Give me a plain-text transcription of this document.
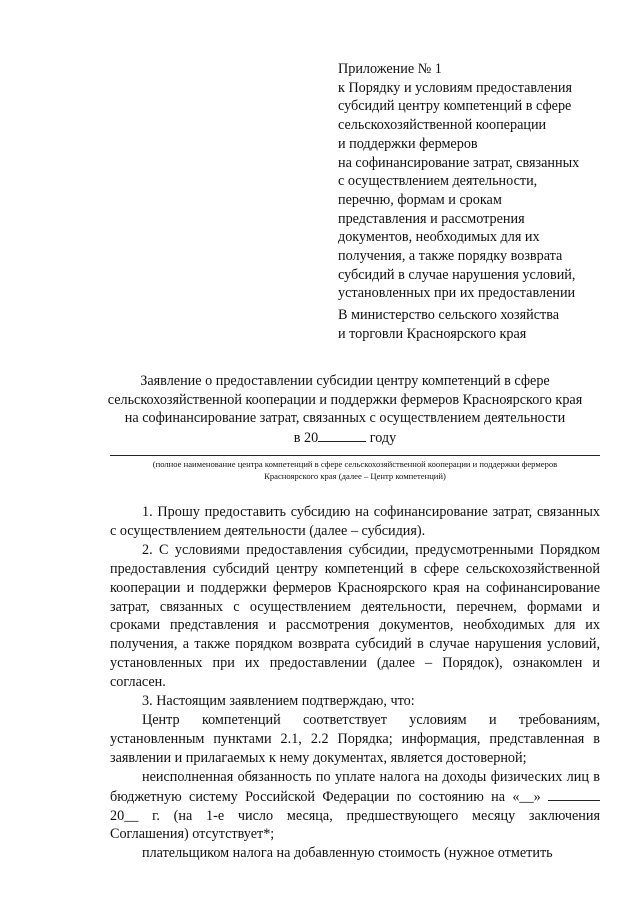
Приложение № 1
к Порядку и условиям предоставления
субсидий центру компетенций в сфере
сельскохозяйственной кооперации
и поддержки фермеров
на софинансирование затрат, связанных
с осуществлением деятельности,
перечню, формам и срокам
представления и рассмотрения
документов, необходимых для их
получения, а также порядку возврата
субсидий в случае нарушения условий,
установленных при их предоставлении
В министерство сельского хозяйства
и торговли Красноярского края
Заявление о предоставлении субсидии центру компетенций в сфере
сельскохозяйственной кооперации и поддержки фермеров Красноярского края
на софинансирование затрат, связанных с осуществлением деятельности
в 20	году
(полное наименование центра компетенций в сфере сельскохозяйственной кооперации и поддержки фермеров
Красноярского края (далее – Центр компетенций)

1. Прошу предоставить субсидию на софинансирование затрат, связанных с осуществлением деятельности (далее – субсидия).

2. С условиями предоставления субсидии, предусмотренными Порядком предоставления субсидий центру компетенций в сфере сельскохозяйственной кооперации и поддержки фермеров Красноярского края на софинансирование затрат, связанных с осуществлением деятельности, перечнем, формами и сроками представления и рассмотрения документов, необходимых для их получения, а также порядком возврата субсидий в случае нарушения условий, установленных при их предоставлении (далее – Порядок), ознакомлен и согласен.

3. Настоящим заявлением подтверждаю, что:

Центр компетенций соответствует условиям и требованиям, установленным пунктами 2.1, 2.2 Порядка; информация, представленная в заявлении и прилагаемых к нему документах, является достоверной;

неисполненная обязанность по уплате налога на доходы физических лиц в бюджетную систему Российской Федерации по состоянию на «__»  20__ г. (на 1-е число месяца, предшествующего месяцу заключения Соглашения) отсутствует*;

плательщиком налога на добавленную стоимость (нужное отметить
